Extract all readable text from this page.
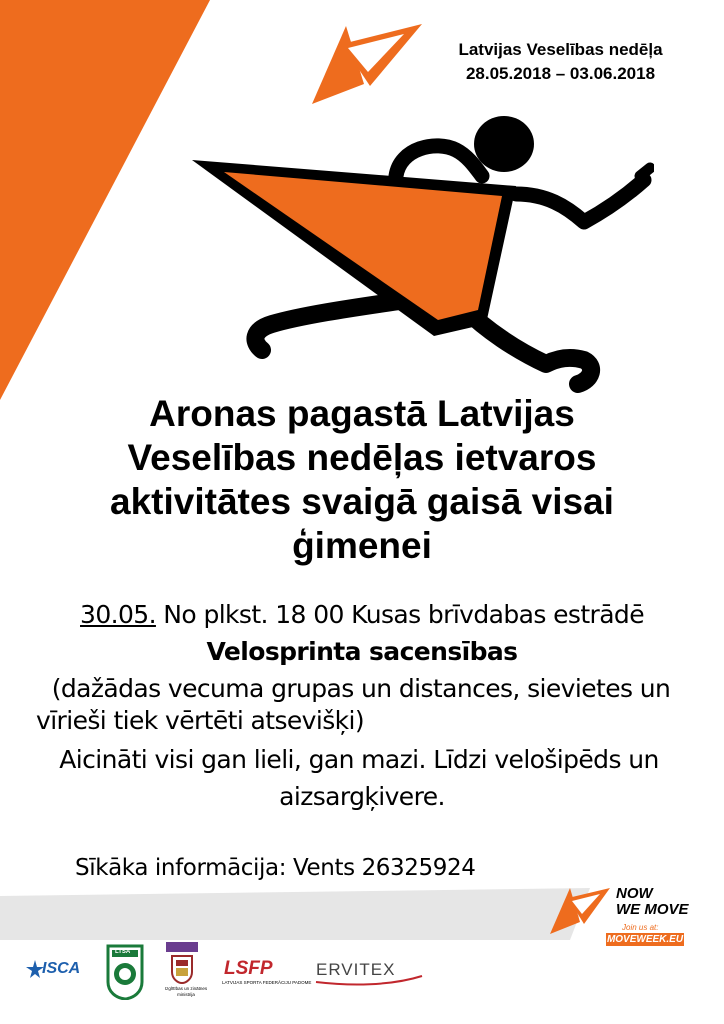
Latvijas Veselības nedēļa
28.05.2018 – 03.06.2018
Aronas pagastā Latvijas
Veselības nedēļas ietvaros
aktivitātes svaigā gaisā visai
ģimenei
30.05. No plkst. 18 00 Kusas brīvdabas estrādē
Velosprinta sacensības
(dažādas vecuma grupas un distances, sievietes un
vīrieši tiek vērtēti atsevišķi)
Aicināti visi gan lieli, gan mazi. Līdzi velošipēds un
aizsargķivere.
Sīkāka informācija: Vents 26325924
NOW
WE MOVE
Join us at:
MOVEWEEK.EU
ISCA
LTSA
Izglītības un zinātnes
ministrija
LSFP
LATVIJAS SPORTA FEDERĀCIJU PADOME
ERVITEX
